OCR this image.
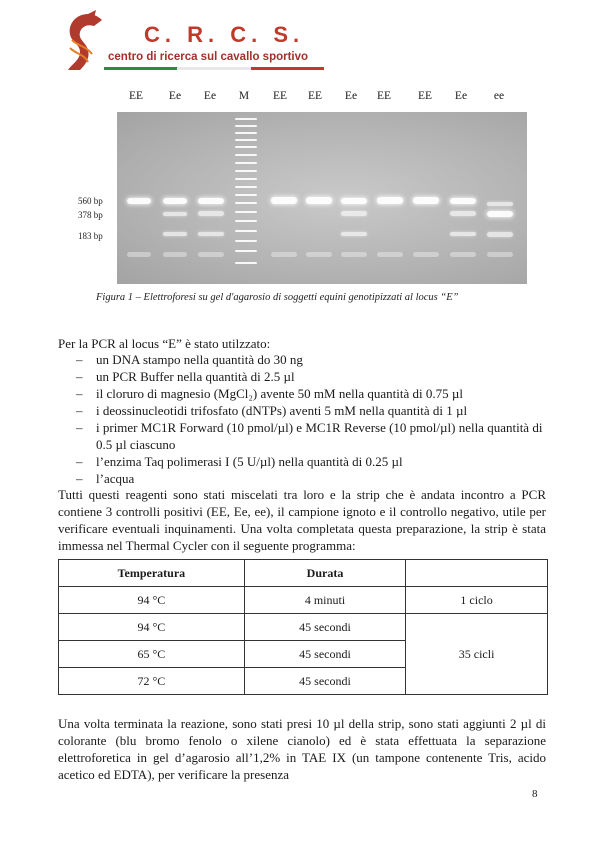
C. R. C. S.
centro di ricerca sul cavallo sportivo
EE	Ee	Ee	M	EE	EE	Ee	EE	EE	Ee	ee
560 bp
378 bp
183 bp
Figura 1 – Elettroforesi su gel d'agarosio di soggetti equini genotipizzati al locus “E”
Per la PCR al locus “E” è stato utilzzato:
– un DNA stampo nella quantità do 30 ng
– un PCR Buffer nella quantità di 2.5 µl
– il cloruro di magnesio (MgCl₂) avente 50 mM nella quantità di 0.75 µl
– i deossinucleotidi trifosfato (dNTPs) aventi 5 mM nella quantità di 1 µl
– i primer MC1R Forward (10 pmol/µl) e MC1R Reverse (10 pmol/µl) nella quantità di 0.5 µl ciascuno
– l’enzima Taq polimerasi I (5 U/µl) nella quantità di 0.25 µl
– l’acqua
Tutti questi reagenti sono stati miscelati tra loro e la strip che è andata incontro a PCR contiene 3 controlli positivi (EE, Ee, ee), il campione ignoto e il controllo negativo, utile per verificare eventuali inquinamenti. Una volta completata questa preparazione, la strip è stata immessa nel Thermal Cycler con il seguente programma:
Temperatura	Durata	
94 °C	4 minuti	1 ciclo
94 °C	45 secondi	35 cicli
65 °C	45 secondi	
72 °C	45 secondi	
Una volta terminata la reazione, sono stati presi 10 µl della strip, sono stati aggiunti 2 µl di colorante (blu bromo fenolo o xilene cianolo) ed è stata effettuata la separazione elettroforetica in gel d’agarosio all’1,2% in TAE IX (un tampone contenente Tris, acido acetico ed EDTA), per verificare la presenza
8
